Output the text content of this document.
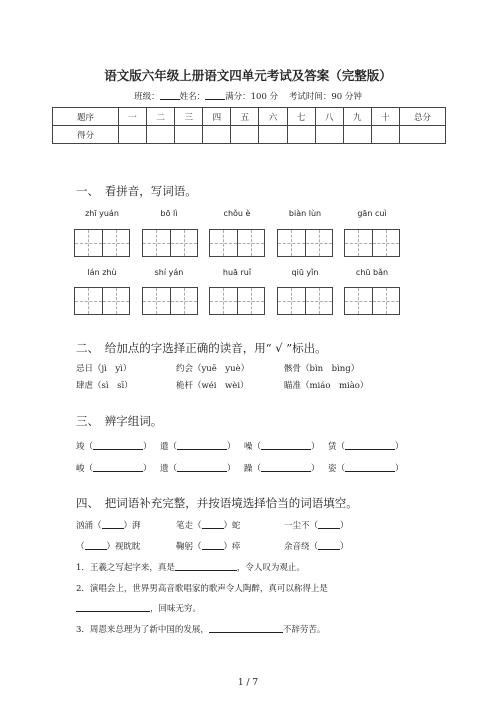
语文版六年级上册语文四单元考试及答案（完整版）
班级： 姓名： 满分：100 分 考试时间：90 分钟
题序	一	二	三	四	五	六	七	八	九	十	总分
得分											
一、　看拼音，写词语。
zhī yuán	bō lì	chǒu è	biàn lùn	gān cuì
lán zhù	shí yán	huā ruǐ	qiū yǐn	chū bǎn
二、　给加点的字选择正确的读音，用“ √ ”标出。
忌日（jì　yì）	约会（yuē　yuè）	骸骨（bìn　bìng）
肆虐（sì　sī）	桅杆（wéi　wèi）	瞄准（miáo　miào）
三、　辨字组词。
竣（	） 遣（	） 噪（	） 赁（	）
峻（	） 遗（	） 躁（	） 姿（	）
四、　把词语补充完整，并按语境选择恰当的词语填空。
汹涌（	）湃	笔走（	）蛇	一尘不（	）
（	）视眈眈	鞠躬（	）瘁	余音绕（	）
1．王羲之写起字来，真是	，令人叹为观止。
2．演唱会上，世界男高音歌唱家的歌声令人陶醉，真可以称得上是
，回味无穷。
3．周恩来总理为了新中国的发展，	不辞劳苦。
1 / 7
